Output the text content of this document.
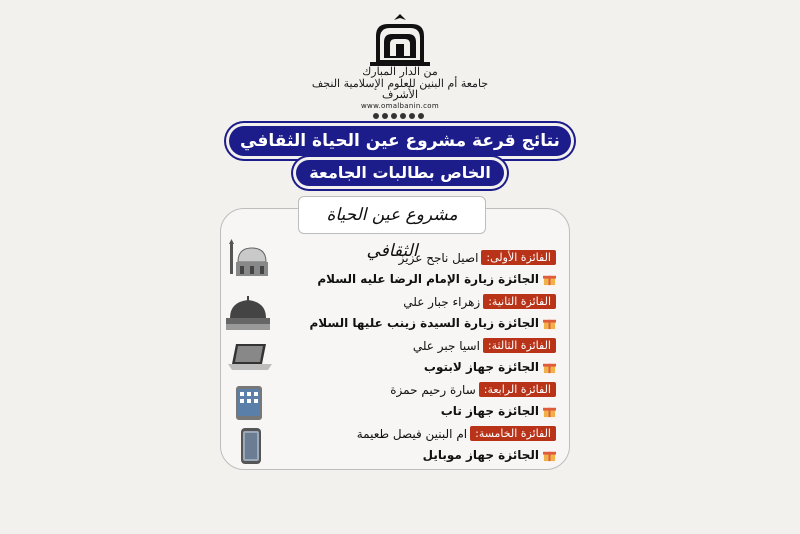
من الدار المبارك
جامعة أم البنين للعلوم الإسلامية النجف الأشرف
www.omalbanin.com
نتائج قرعة مشروع عين الحياة الثقافي
الخاص بطالبات الجامعة
مشروع عين الحياة الثقافي	الفائزة الأولى:
اصيل ناجح عزيز
الجائزة زيارة الإمام الرضا عليه السلام
الفائزة الثانية:
زهراء جبار علي
الجائزة زيارة السيدة زينب عليها السلام
الفائزة الثالثة:
اسيا جبر علي
الجائزة جهاز لابتوب
الفائزة الرابعة:
سارة رحيم حمزة
الجائزة جهاز تاب
الفائزة الخامسة:
ام البنين فيصل طعيمة
الجائزة جهاز موبايل
